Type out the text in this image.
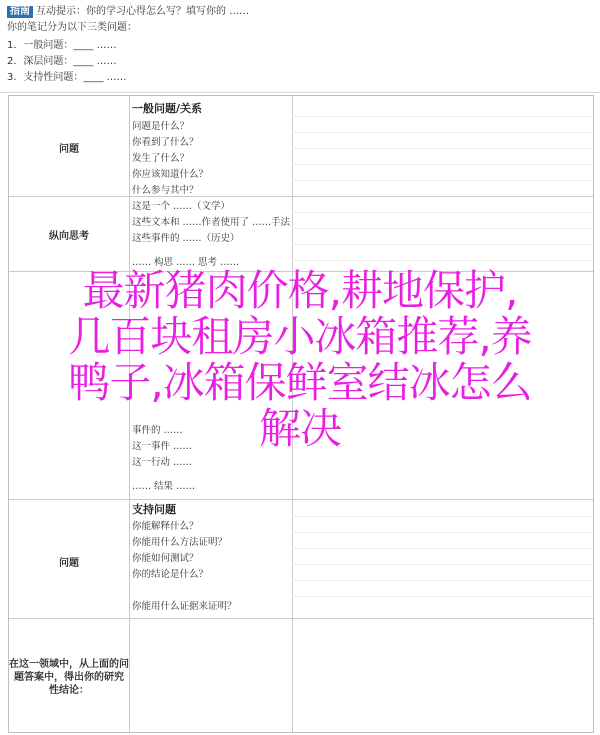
指南 互动提示：你的学习心得怎么写？填写你的 ……
你的笔记分为以下三类问题：
1．一般问题：____ ……
2．深层问题：____ ……
3．支持性问题：____ ……
问题
一般问题/关系
问题是什么？
你看到了什么？
发生了什么？
你应该知道什么？
什么参与其中？
纵向思考
这是一个 ……（文学）
这些文本和 ……作者使用了 ……手法
这些事件的 ……（历史）
…… 构思 …… 思考 ……
事件的 ……
这一事件 ……
这一行动 ……
…… 结果 ……
问题
支持问题
你能解释什么？
你能用什么方法证明？
你能如何测试？
你的结论是什么？
你能用什么证据来证明？
在这一领域中，从上面的问
题答案中，得出你的研究
性结论：
最新猪肉价格,耕地保护,
几百块租房小冰箱推荐,养
鸭子,冰箱保鲜室结冰怎么
解决
